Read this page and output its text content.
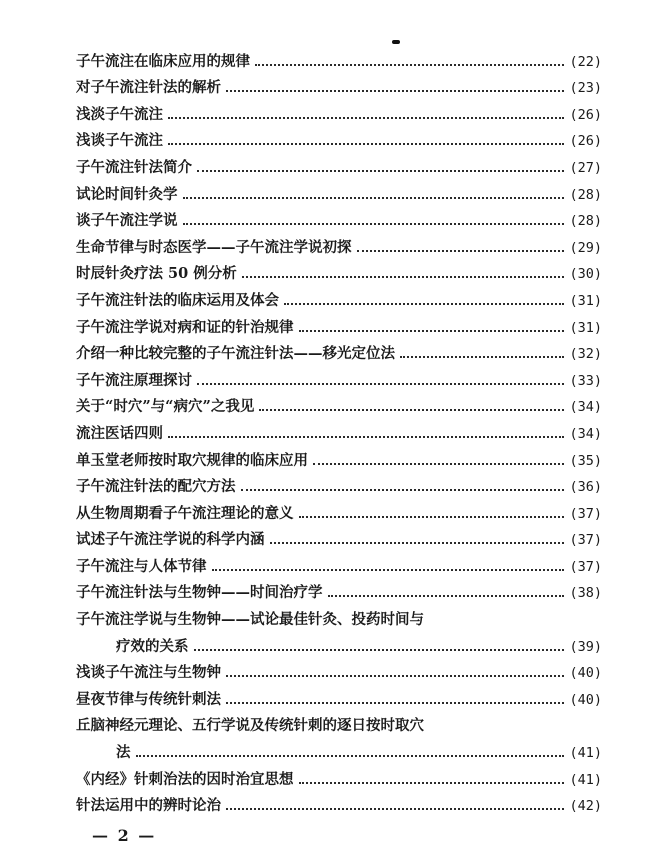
子午流注在临床应用的规律	(22)
对子午流注针法的解析	(23)
浅淡子午流注	(26)
浅谈子午流注	(26)
子午流注针法简介	(27)
试论时间针灸学	(28)
谈子午流注学说	(28)
生命节律与时态医学——子午流注学说初探	(29)
时辰针灸疗法 50 例分析	(30)
子午流注针法的临床运用及体会	(31)
子午流注学说对病和证的针治规律	(31)
介绍一种比较完整的子午流注针法——移光定位法	(32)
子午流注原理探讨	(33)
关于“时穴”与“病穴”之我见	(34)
流注医话四则	(34)
单玉堂老师按时取穴规律的临床应用	(35)
子午流注针法的配穴方法	(36)
从生物周期看子午流注理论的意义	(37)
试述子午流注学说的科学内涵	(37)
子午流注与人体节律	(37)
子午流注针法与生物钟——时间治疗学	(38)
子午流注学说与生物钟——试论最佳针灸、投药时间与
疗效的关系	(39)
浅谈子午流注与生物钟	(40)
昼夜节律与传统针刺法	(40)
丘脑神经元理论、五行学说及传统针刺的逐日按时取穴
法	(41)
《内经》针刺治法的因时治宜思想	(41)
针法运用中的辨时论治	(42)
— 2 —
